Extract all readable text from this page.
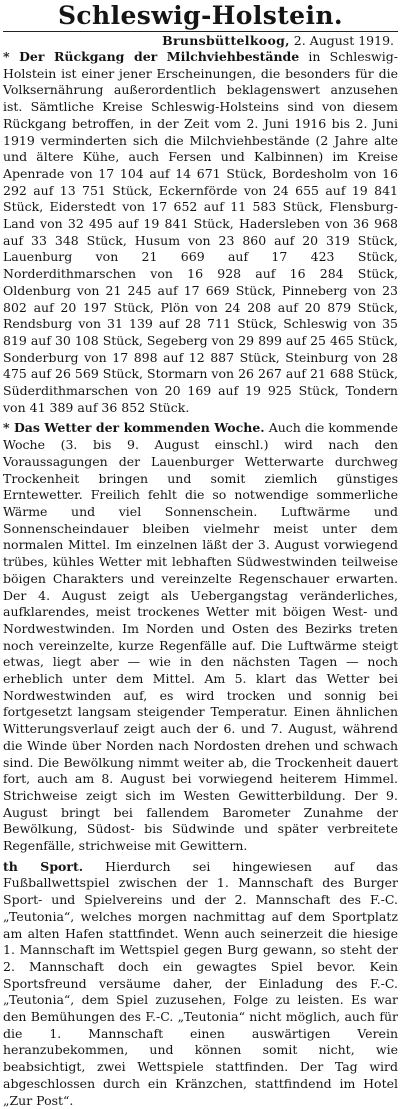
Schleswig-Holstein.
Brunsbüttelkoog, 2. August 1919.

* Der Rückgang der Milchviehbestände in Schleswig-Holstein ist einer jener Erscheinungen, die besonders für die Volksernährung außerordentlich beklagenswert anzusehen ist. Sämtliche Kreise Schleswig-Holsteins sind von diesem Rückgang betroffen, in der Zeit vom 2. Juni 1916 bis 2. Juni 1919 verminderten sich die Milchviehbestände (2 Jahre alte und ältere Kühe, auch Fersen und Kalbinnen) im Kreise Apenrade von 17 104 auf 14 671 Stück, Bordesholm von 16 292 auf 13 751 Stück, Eckernförde von 24 655 auf 19 841 Stück, Eiderstedt von 17 652 auf 11 583 Stück, Flensburg-Land von 32 495 auf 19 841 Stück, Hadersleben von 36 968 auf 33 348 Stück, Husum von 23 860 auf 20 319 Stück, Lauenburg von 21 669 auf 17 423 Stück, Norderdithmarschen von 16 928 auf 16 284 Stück, Oldenburg von 21 245 auf 17 669 Stück, Pinneberg von 23 802 auf 20 197 Stück, Plön von 24 208 auf 20 879 Stück, Rendsburg von 31 139 auf 28 711 Stück, Schleswig von 35 819 auf 30 108 Stück, Segeberg von 29 899 auf 25 465 Stück, Sonderburg von 17 898 auf 12 887 Stück, Steinburg von 28 475 auf 26 569 Stück, Stormarn von 26 267 auf 21 688 Stück, Süderdithmarschen von 20 169 auf 19 925 Stück, Tondern von 41 389 auf 36 852 Stück.

* Das Wetter der kommenden Woche. Auch die kommende Woche (3. bis 9. August einschl.) wird nach den Voraussagungen der Lauenburger Wetterwarte durchweg Trockenheit bringen und somit ziemlich günstiges Erntewetter. Freilich fehlt die so notwendige sommerliche Wärme und viel Sonnenschein. Luftwärme und Sonnenscheindauer bleiben vielmehr meist unter dem normalen Mittel. Im einzelnen läßt der 3. August vorwiegend trübes, kühles Wetter mit lebhaften Südwestwinden teilweise böigen Charakters und vereinzelte Regenschauer erwarten. Der 4. August zeigt als Uebergangstag veränderliches, aufklarendes, meist trockenes Wetter mit böigen West- und Nordwestwinden. Im Norden und Osten des Bezirks treten noch vereinzelte, kurze Regenfälle auf. Die Luftwärme steigt etwas, liegt aber — wie in den nächsten Tagen — noch erheblich unter dem Mittel. Am 5. klart das Wetter bei Nordwestwinden auf, es wird trocken und sonnig bei fortgesetzt langsam steigender Temperatur. Einen ähnlichen Witterungsverlauf zeigt auch der 6. und 7. August, während die Winde über Norden nach Nordosten drehen und schwach sind. Die Bewölkung nimmt weiter ab, die Trockenheit dauert fort, auch am 8. August bei vorwiegend heiterem Himmel. Strichweise zeigt sich im Westen Gewitterbildung. Der 9. August bringt bei fallendem Barometer Zunahme der Bewölkung, Südost- bis Südwinde und später verbreitete Regenfälle, strichweise mit Gewittern.

th Sport. Hierdurch sei hingewiesen auf das Fußballwettspiel zwischen der 1. Mannschaft des Burger Sport- und Spielvereins und der 2. Mannschaft des F.-C. „Teutonia“, welches morgen nachmittag auf dem Sportplatz am alten Hafen stattfindet. Wenn auch seinerzeit die hiesige 1. Mannschaft im Wettspiel gegen Burg gewann, so steht der 2. Mannschaft doch ein gewagtes Spiel bevor. Kein Sportsfreund versäume daher, der Einladung des F.-C. „Teutonia“, dem Spiel zuzusehen, Folge zu leisten. Es war den Bemühungen des F.-C. „Teutonia“ nicht möglich, auch für die 1. Mannschaft einen auswärtigen Verein heranzubekommen, und können somit nicht, wie beabsichtigt, zwei Wettspiele stattfinden. Der Tag wird abgeschlossen durch ein Kränzchen, stattfindend im Hotel „Zur Post“.
